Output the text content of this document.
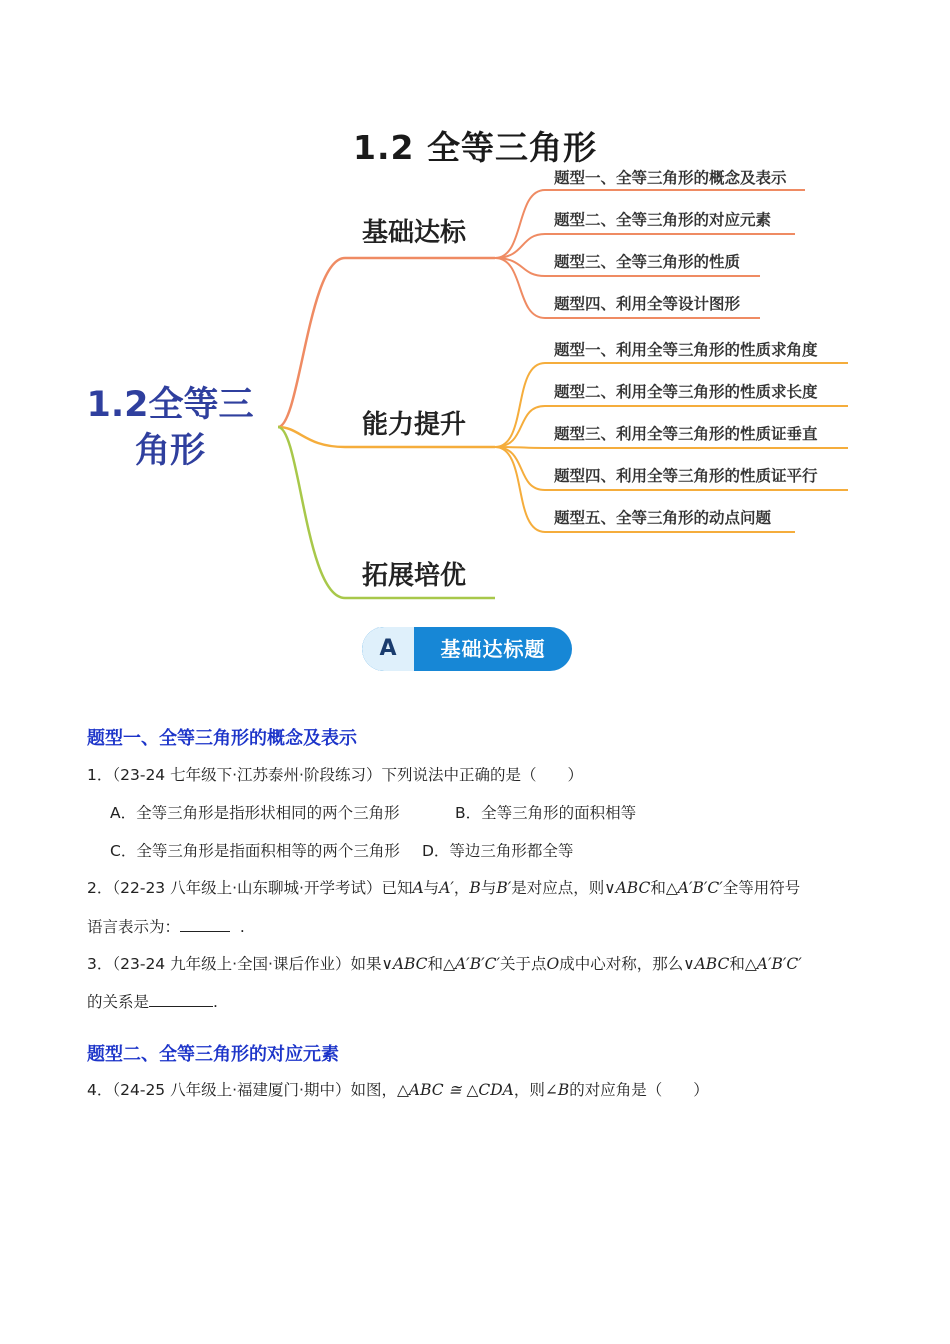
1.2 全等三角形
1.2全等三
角形
基础达标
能力提升
拓展培优
题型一、全等三角形的概念及表示
题型二、全等三角形的对应元素
题型三、全等三角形的性质
题型四、利用全等设计图形
题型一、利用全等三角形的性质求角度
题型二、利用全等三角形的性质求长度
题型三、利用全等三角形的性质证垂直
题型四、利用全等三角形的性质证平行
题型五、全等三角形的动点问题
A	基础达标题
题型一、全等三角形的概念及表示
1．（23-24 七年级下·江苏泰州·阶段练习）下列说法中正确的是（　　）
A．全等三角形是指形状相同的两个三角形	B．全等三角形的面积相等
C．全等三角形是指面积相等的两个三角形 D．等边三角形都全等
2．（22-23 八年级上·山东聊城·开学考试）已知A与A′，B与B′是对应点，则∨ABC和△A′B′C′全等用符号
语言表示为：	.
3．（23-24 九年级上·全国·课后作业）如果∨ABC和△A′B′C′关于点O成中心对称，那么∨ABC和△A′B′C′
的关系是	.
题型二、全等三角形的对应元素
4．（24-25 八年级上·福建厦门·期中）如图，△ABC ≅ △CDA，则∠B的对应角是（　　）
